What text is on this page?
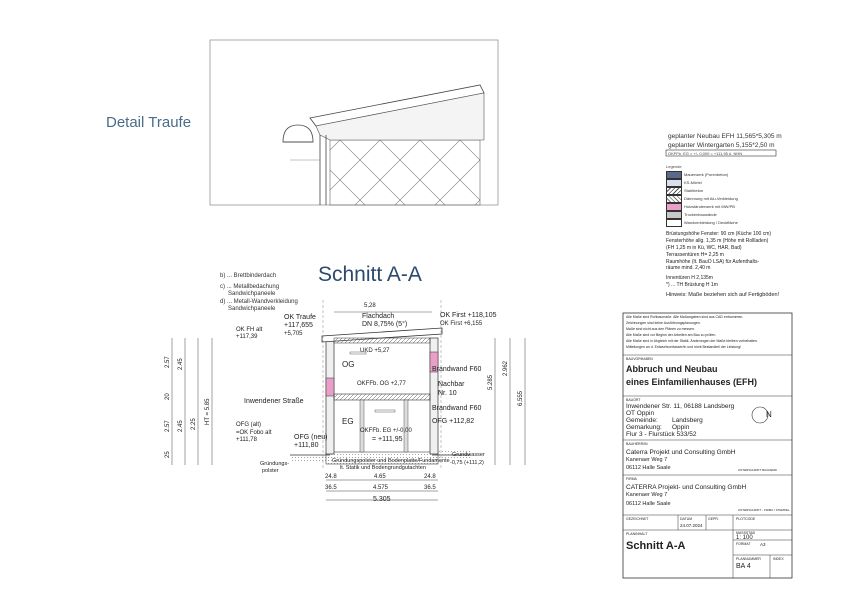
Detail Traufe
geplanter Neubau EFH 11,565*5,305 m
geplanter Wintergarten 5,155*2,50 m
OKFFb. EG = +/- 0,000 = +111,95 ü. NHN
Legende
Mauerwerk (Porenbeton)
KS-Mörtel
Stahlbeton
Dämmung mit Alu-Verkleidung
Holzständerwerk mit MW/PB
Trockenbauwände
Wandverkleidung / Deckfläche
Brüstungshöhe Fenster: 90 cm (Küche 100 cm)
Fensterhöhe allg. 1,35 m (Höhe mit Rollladen)
(FH 1,25 m in Kü, WC, HAR, Bad)
Terrassentüren H= 2,25 m
Raumhöhe (lt. BauO LSA) für Aufenthalts-
räume mind. 2,40 m
Innentüren H 2,135m
*) ... TH Brüstung H 1m
Hinweis: Maße beziehen sich auf Fertigböden!
Schnitt A-A
b) ... Brettbinderdach
c) ... Metallbedachung
Sandwichpaneele
d) ... Metall-Wandverkleidung
Sandwichpaneele
OK FH alt
+117,39
OK Traufe
+117,655
+5,705
Flachdach
DN 8,75% (5°)
5,28
OK First +118,105
OK First +6,155
UKD +5,27
OG
OKFFb. OG +2,77
Brandwand F60
Nachbar
Nr. 10
Brandwand F60
Inwendener Straße
EG
OKFFb. EG +/-0,00
= +111,95
OFG +112,82
OFG (alt)
=OK Fobo alt
+111,78	OFG (neu)
+111,80
Gründungspolster und Bodenplatte/Fundamente
lt. Statik und Bodengrundgutachten
Grundwasser
-0,75 (+111,2)
Gründungs-
polster
4.65
24.8	24.8
4.575
36.5	36.5
5.305
2.57 2.45
20
2.57 2.45 2.25
25
HT = 5.85
5.285
2.962
6.555
Alle Maße sind Rohbaumaße. Alle Maßangaben sind aus CAD entnommen.
Zeichnungen sind keine Ausführungsplanungen.
Maße sind nicht aus den Plänen zu messen.
Alle Maße sind vor Beginn der Arbeiten am Bau zu prüfen.
Alle Maße sind in Abgleich mit der Statik. Änderungen der Maße bleiben vorbehalten.
Mitteilungen an d. Entwurfsverfasser/in und nicht Bestandteil der Leistung!
BAUVORHABEN
Abbruch und Neubau
eines Einfamilienhauses (EFH)
BAUORT
Inwendener Str. 11, 06188 Landsberg
OT Oppin
Gemeinde: Landsberg
Gemarkung: Oppin
Flur 3 - Flurstück 533/52
N
BAUHERR/IN
Caterra Projekt und Consulting GmbH
Kanenaer Weg 7
06112 Halle Saale	UNTERSCHRIFT BAUHERR
FIRMA
CATERRA Projekt- und Consulting GmbH
Kanenaer Weg 7
06112 Halle Saale
UNTERSCHRIFT - FIRMA / STEMPEL
GEZEICHNET	DATUM
24.07.2024
GEPR.	PLOTCODE
MASSSTAB
1: 100
FORMAT A3
PLANINHALT
Schnitt A-A
PLANNUMMER	INDEX
BA 4
